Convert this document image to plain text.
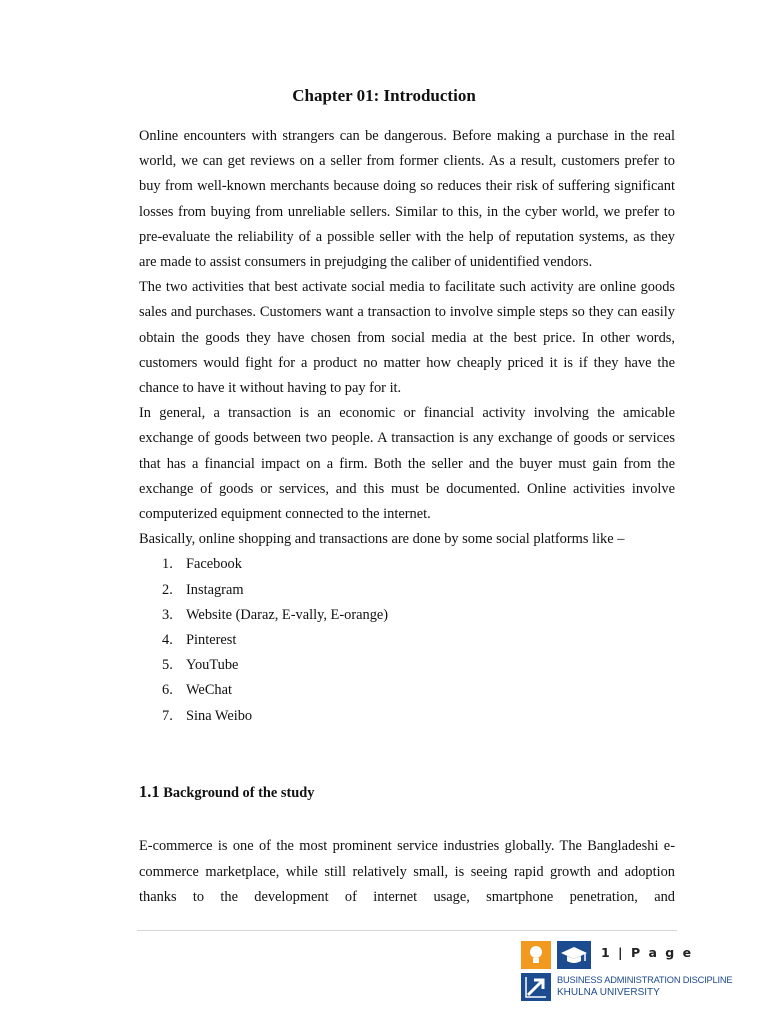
Chapter 01: Introduction

Online encounters with strangers can be dangerous. Before making a purchase in the real world, we can get reviews on a seller from former clients. As a result, customers prefer to buy from well-known merchants because doing so reduces their risk of suffering significant losses from buying from unreliable sellers. Similar to this, in the cyber world, we prefer to pre-evaluate the reliability of a possible seller with the help of reputation systems, as they are made to assist consumers in prejudging the caliber of unidentified vendors.

The two activities that best activate social media to facilitate such activity are online goods sales and purchases. Customers want a transaction to involve simple steps so they can easily obtain the goods they have chosen from social media at the best price. In other words, customers would fight for a product no matter how cheaply priced it is if they have the chance to have it without having to pay for it.

In general, a transaction is an economic or financial activity involving the amicable exchange of goods between two people. A transaction is any exchange of goods or services that has a financial impact on a firm. Both the seller and the buyer must gain from the exchange of goods or services, and this must be documented. Online activities involve computerized equipment connected to the internet.

Basically, online shopping and transactions are done by some social platforms like –

1. Facebook
2. Instagram
3. Website (Daraz, E-vally, E-orange)
4. Pinterest
5. YouTube
6. WeChat
7. Sina Weibo
1.1 Background of the study

E-commerce is one of the most prominent service industries globally. The Bangladeshi e-commerce marketplace, while still relatively small, is seeing rapid growth and adoption thanks to the development of internet usage, smartphone penetration, and

1 | P a g e
BUSINESS ADMINISTRATION DISCIPLINE
KHULNA UNIVERSITY
